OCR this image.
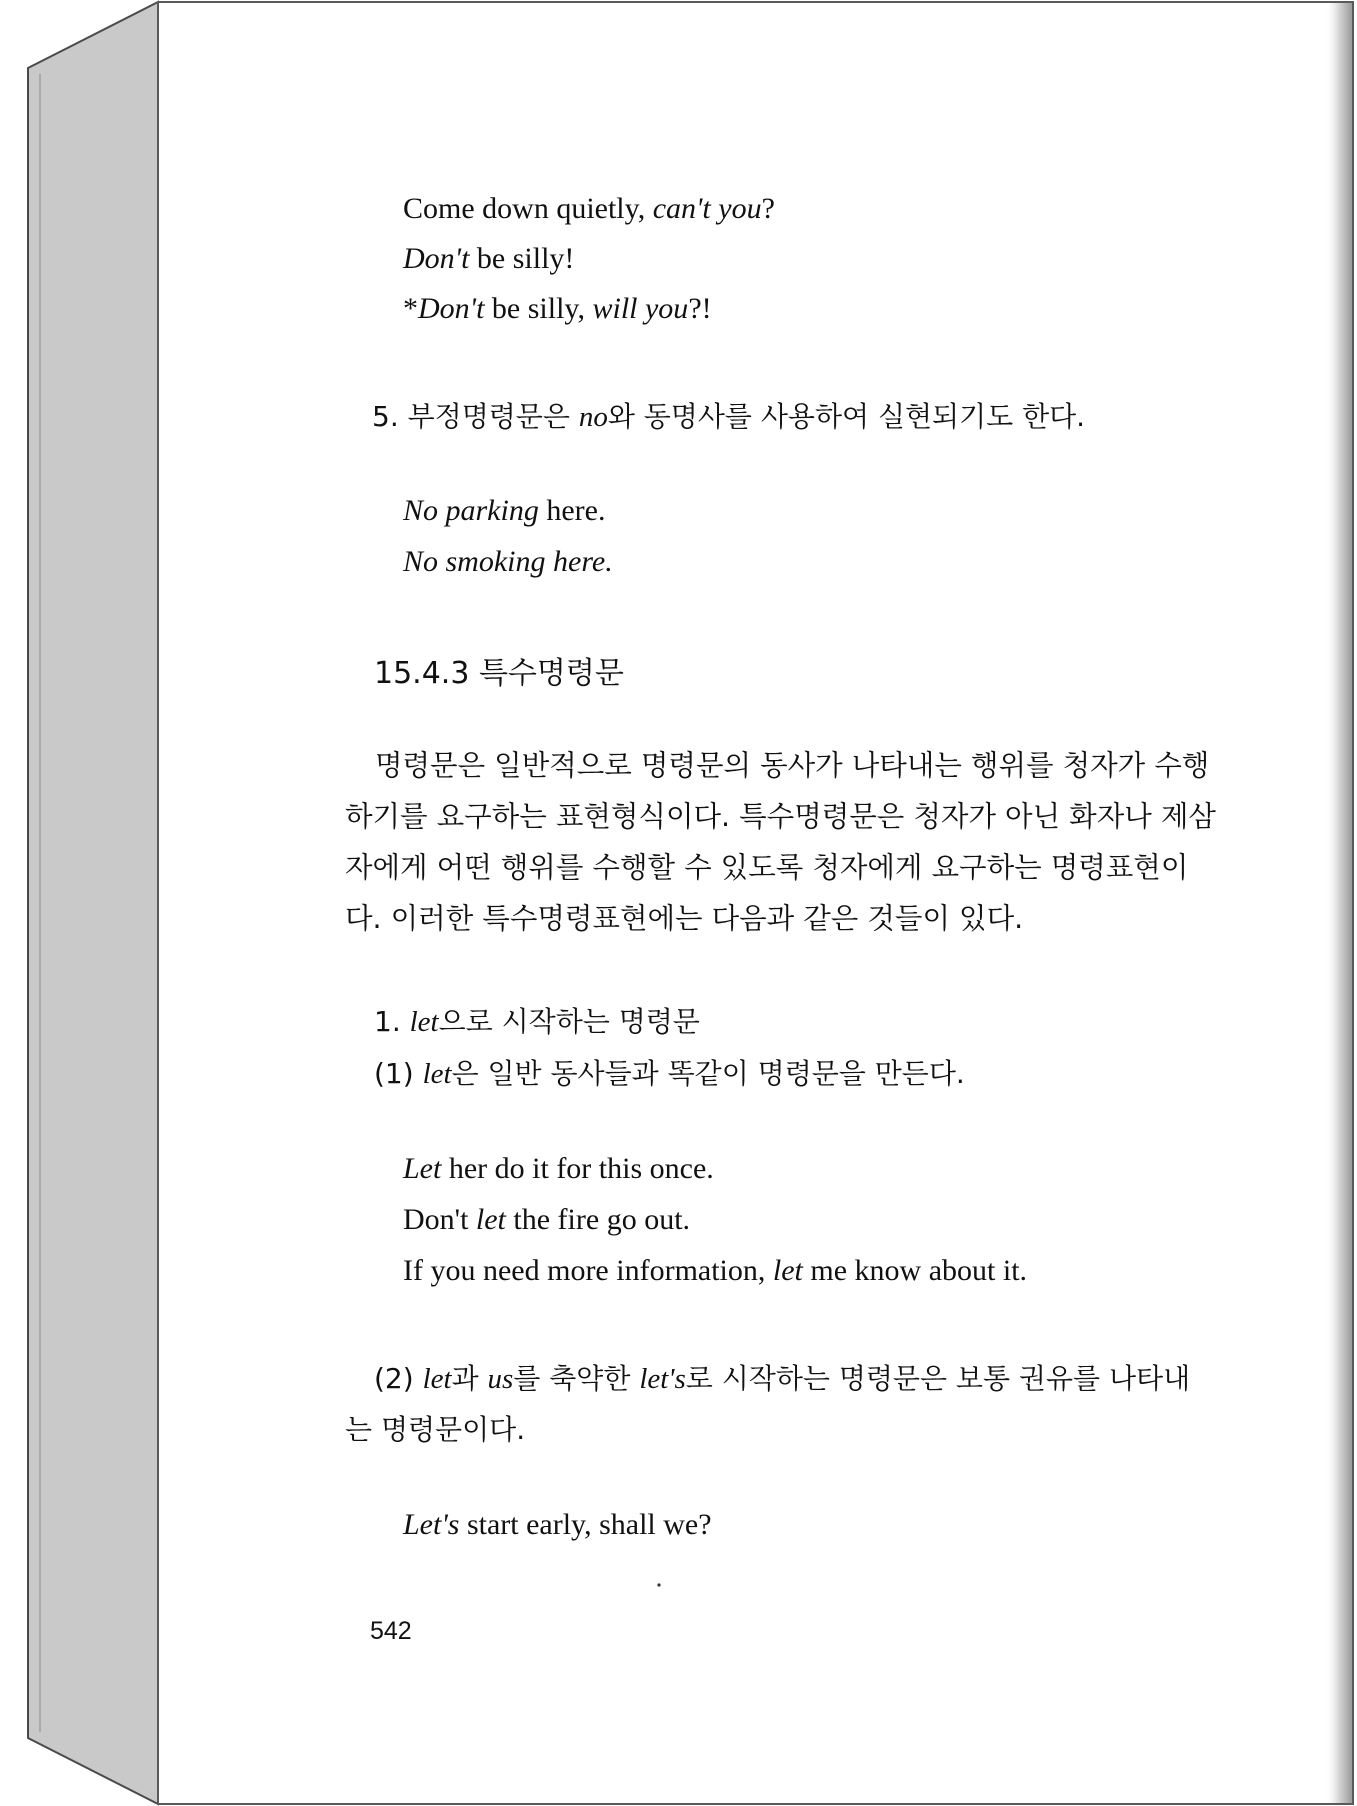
Come down quietly, can't you?
Don't be silly!
*Don't be silly, will you?!
5. 부정명령문은 no와 동명사를 사용하여 실현되기도 한다.
No parking here.
No smoking here.
15.4.3 특수명령문
명령문은 일반적으로 명령문의 동사가 나타내는 행위를 청자가 수행
하기를 요구하는 표현형식이다. 특수명령문은 청자가 아닌 화자나 제삼
자에게 어떤 행위를 수행할 수 있도록 청자에게 요구하는 명령표현이
다. 이러한 특수명령표현에는 다음과 같은 것들이 있다.
1. let으로 시작하는 명령문
(1) let은 일반 동사들과 똑같이 명령문을 만든다.
Let her do it for this once.
Don't let the fire go out.
If you need more information, let me know about it.
(2) let과 us를 축약한 let's로 시작하는 명령문은 보통 권유를 나타내
는 명령문이다.
Let's start early, shall we?
542
